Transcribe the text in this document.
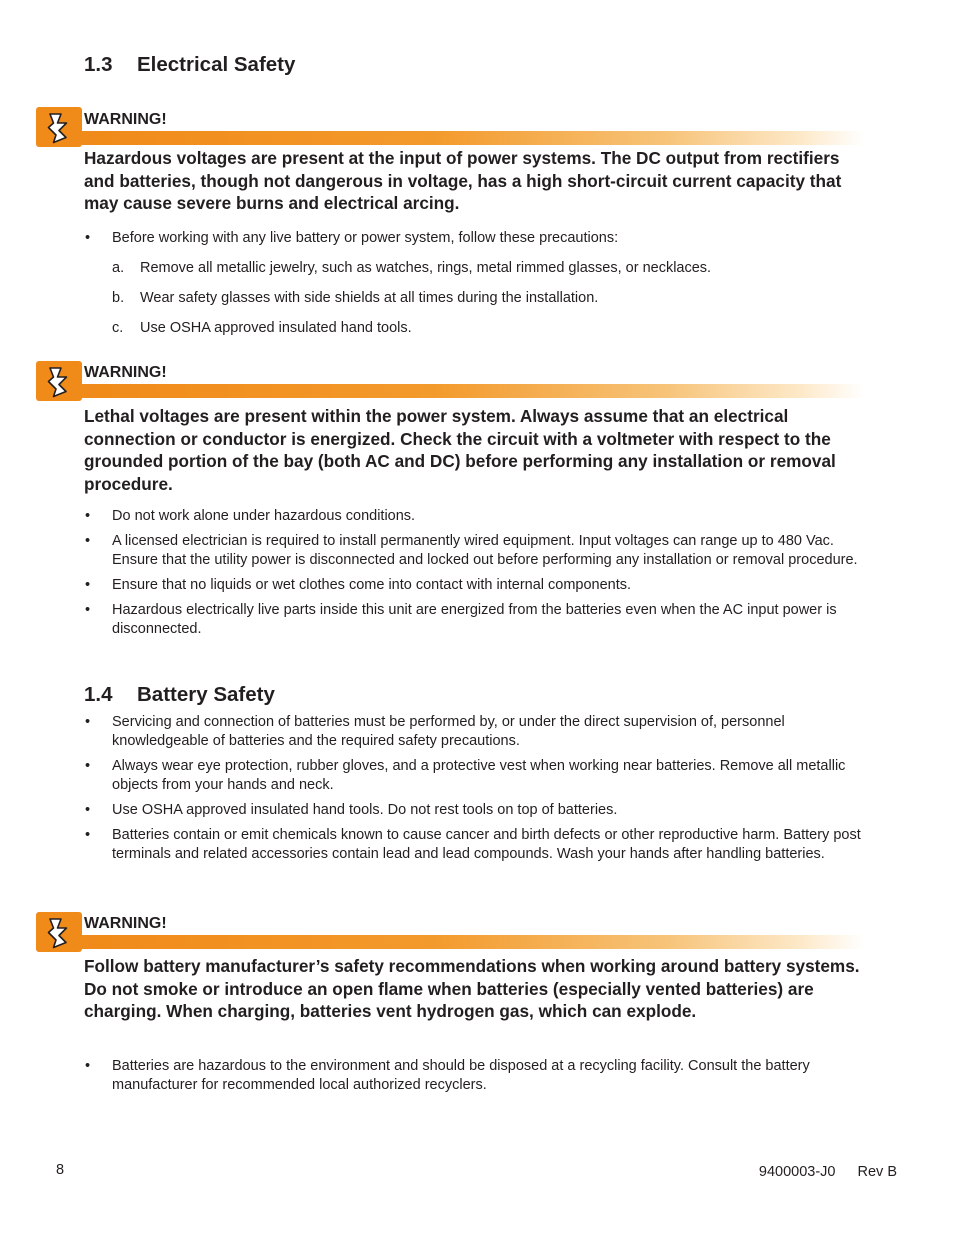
1.3 Electrical Safety
WARNING!

Hazardous voltages are present at the input of power systems. The DC output from rectifiers and batteries, though not dangerous in voltage, has a high short-circuit current capacity that may cause severe burns and electrical arcing.

• Before working with any live battery or power system, follow these precautions:
a. Remove all metallic jewelry, such as watches, rings, metal rimmed glasses, or necklaces.
b. Wear safety glasses with side shields at all times during the installation.
c. Use OSHA approved insulated hand tools.
WARNING!

Lethal voltages are present within the power system. Always assume that an electrical connection or conductor is energized. Check the circuit with a voltmeter with respect to the grounded portion of the bay (both AC and DC) before performing any installation or removal procedure.

• Do not work alone under hazardous conditions.
• A licensed electrician is required to install permanently wired equipment. Input voltages can range up to 480 Vac. Ensure that the utility power is disconnected and locked out before performing any installation or removal procedure.
• Ensure that no liquids or wet clothes come into contact with internal components.
• Hazardous electrically live parts inside this unit are energized from the batteries even when the AC input power is disconnected.
1.4 Battery Safety
• Servicing and connection of batteries must be performed by, or under the direct supervision of, personnel knowledgeable of batteries and the required safety precautions.
• Always wear eye protection, rubber gloves, and a protective vest when working near batteries. Remove all metallic objects from your hands and neck.
• Use OSHA approved insulated hand tools. Do not rest tools on top of batteries.
• Batteries contain or emit chemicals known to cause cancer and birth defects or other reproductive harm. Battery post terminals and related accessories contain lead and lead compounds. Wash your hands after handling batteries.
WARNING!

Follow battery manufacturer’s safety recommendations when working around battery systems. Do not smoke or introduce an open flame when batteries (especially vented batteries) are charging. When charging, batteries vent hydrogen gas, which can explode.

• Batteries are hazardous to the environment and should be disposed at a recycling facility. Consult the battery manufacturer for recommended local authorized recyclers.
8	9400003-J0 Rev B
